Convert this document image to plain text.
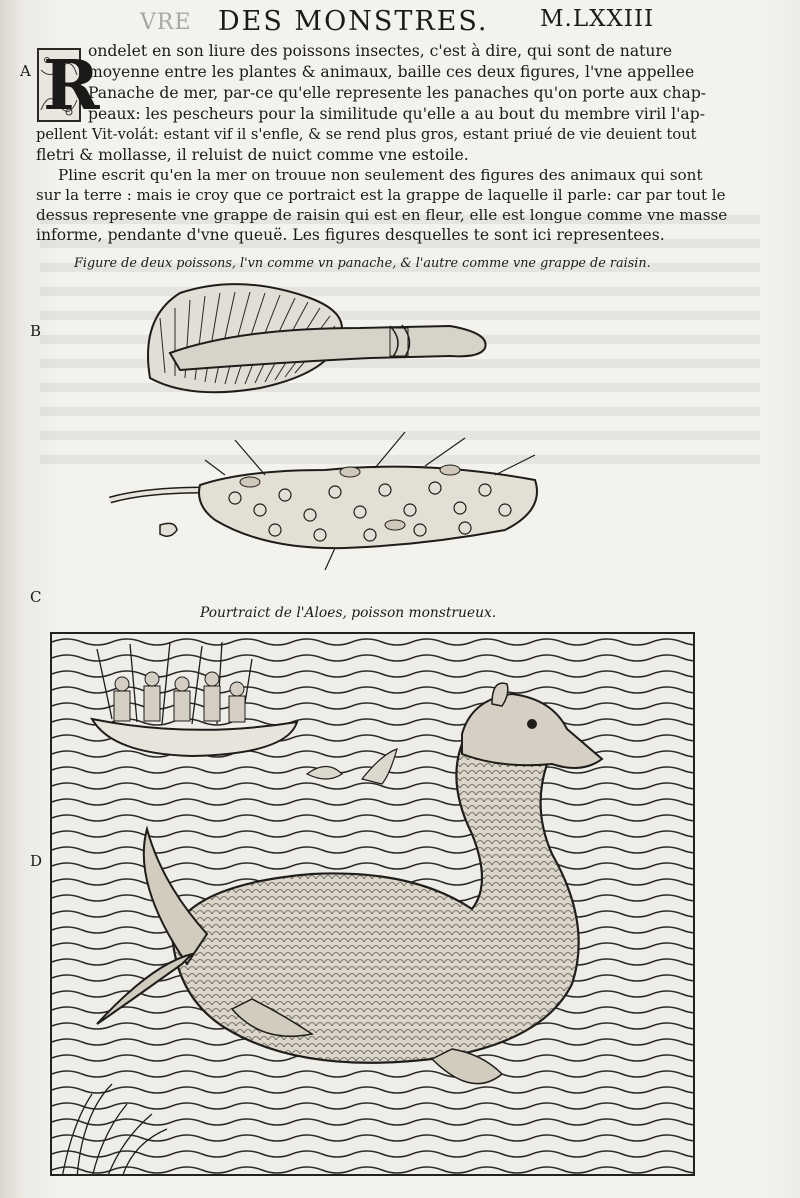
VRE DES MONSTRES. M.LXXIII
A
B
C
D
R
ondelet en son liure des poissons insectes, c'est à dire, qui sont de nature
moyenne entre les plantes & animaux, baille ces deux figures, l'vne appellee
Panache de mer, par-ce qu'elle represente les panaches qu'on porte aux chap-
peaux: les pescheurs pour la similitude qu'elle a au bout du membre viril l'ap-
pellent Vit-volát: estant vif il s'enfle, & se rend plus gros, estant priué de vie deuient tout
fletri & mollasse, il reluist de nuict comme vne estoile.
Pline escrit qu'en la mer on trouue non seulement des figures des animaux qui sont
sur la terre : mais ie croy que ce portraict est la grappe de laquelle il parle: car par tout le
dessus represente vne grappe de raisin qui est en fleur, elle est longue comme vne masse
informe, pendante d'vne queuë. Les figures desquelles te sont ici representees.
Figure de deux poissons, l'vn comme vn panache, & l'autre comme vne grappe de raisin.
Pourtraict de l'Aloes, poisson monstrueux.
